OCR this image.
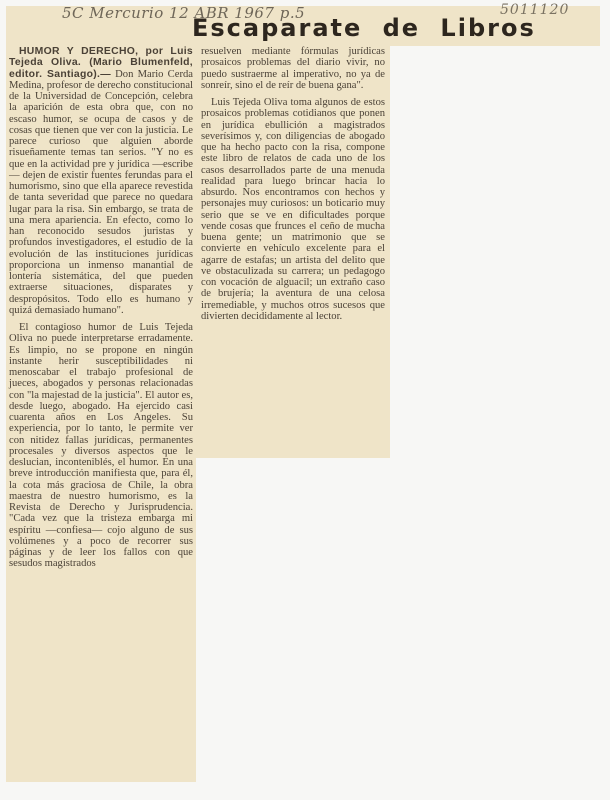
5C Mercurio 12 ABR 1967 p.5	5011120
Escaparate de Libros

HUMOR Y DERECHO, por Luis Tejeda Oliva. (Mario Blumenfeld, editor. Santiago).— Don Mario Cerda Medina, profesor de derecho constitucional de la Universidad de Concepción, celebra la aparición de esta obra que, con no escaso humor, se ocupa de casos y de cosas que tienen que ver con la justicia. Le parece curioso que alguien aborde risueñamente temas tan serios. "Y no es que en la actividad pre y jurídica —escribe— dejen de existir fuentes ferundas para el humorismo, sino que ella aparece revestida de tanta severidad que parece no quedara lugar para la risa. Sin embargo, se trata de una mera apariencia. En efecto, como lo han reconocido sesudos juristas y profundos investigadores, el estudio de la evolución de las instituciones jurídicas proporciona un inmenso manantial de lontería sistemática, del que pueden extraerse situaciones, disparates y despropósitos. Todo ello es humano y quizá demasiado humano".

El contagioso humor de Luis Tejeda Oliva no puede interpretarse erradamente. Es limpio, no se propone en ningún instante herir susceptibilidades ni menoscabar el trabajo profesional de jueces, abogados y personas relacionadas con "la majestad de la justicia". El autor es, desde luego, abogado. Ha ejercido casi cuarenta años en Los Angeles. Su experiencia, por lo tanto, le permite ver con nitidez fallas jurídicas, permanentes procesales y diversos aspectos que le deslucian, inconteniblés, el humor. En una breve introducción manifiesta que, para él, la cota más graciosa de Chile, la obra maestra de nuestro humorismo, es la Revista de Derecho y Jurisprudencia. "Cada vez que la tristeza embarga mi espíritu —confiesa— cojo alguno de sus volúmenes y a poco de recorrer sus páginas y de leer los fallos con que sesudos magistrados

resuelven mediante fórmulas jurídicas prosaicos problemas del diario vivir, no puedo sustraerme al imperativo, no ya de sonreír, sino el de reír de buena gana".

Luis Tejeda Oliva toma algunos de estos prosaicos problemas cotidianos que ponen en jurídica ebullición a magistrados severísimos y, con diligencias de abogado que ha hecho pacto con la risa, compone este libro de relatos de cada uno de los casos desarrollados parte de una menuda realidad para luego brincar hacia lo absurdo. Nos encontramos con hechos y personajes muy curiosos: un boticario muy serio que se ve en dificultades porque vende cosas que frunces el ceño de mucha buena gente; un matrimonio que se convierte en vehículo excelente para el agarre de estafas; un artista del delito que ve obstaculizada su carrera; un pedagogo con vocación de alguacil; un extraño caso de brujería; la aventura de una celosa irremediable, y muchos otros sucesos que divierten decididamente al lector.
